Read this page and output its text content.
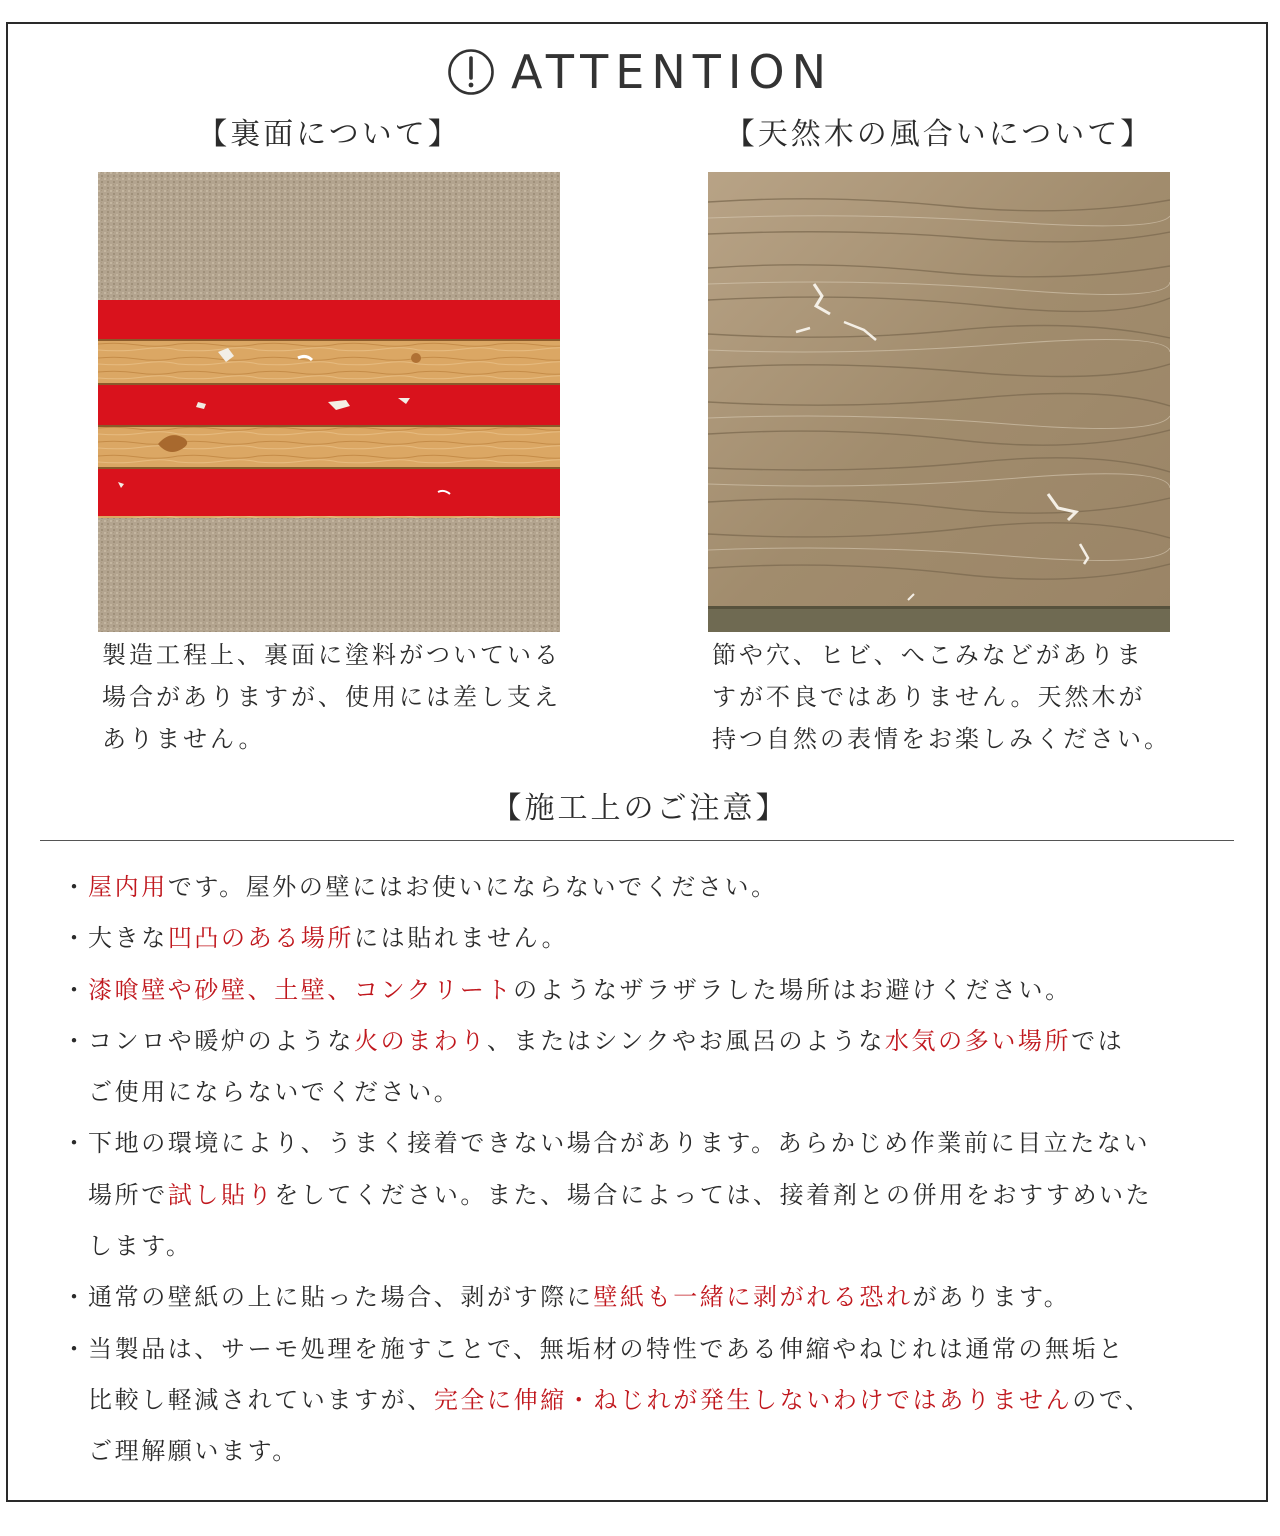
ATTENTION
【裏面について】
製造工程上、裏面に塗料がついている
場合がありますが、使用には差し支え
ありません。
【天然木の風合いについて】
節や穴、ヒビ、へこみなどがありま
すが不良ではありません。天然木が
持つ自然の表情をお楽しみください。
【施工上のご注意】
・屋内用です。屋外の壁にはお使いにならないでください。
・大きな凹凸のある場所には貼れません。
・漆喰壁や砂壁、土壁、コンクリートのようなザラザラした場所はお避けください。
・コンロや暖炉のような火のまわり、またはシンクやお風呂のような水気の多い場所では
ご使用にならないでください。
・下地の環境により、うまく接着できない場合があります。あらかじめ作業前に目立たない
場所で試し貼りをしてください。また、場合によっては、接着剤との併用をおすすめいた
します。
・通常の壁紙の上に貼った場合、剥がす際に壁紙も一緒に剥がれる恐れがあります。
・当製品は、サーモ処理を施すことで、無垢材の特性である伸縮やねじれは通常の無垢と
比較し軽減されていますが、完全に伸縮・ねじれが発生しないわけではありませんので、
ご理解願います。
